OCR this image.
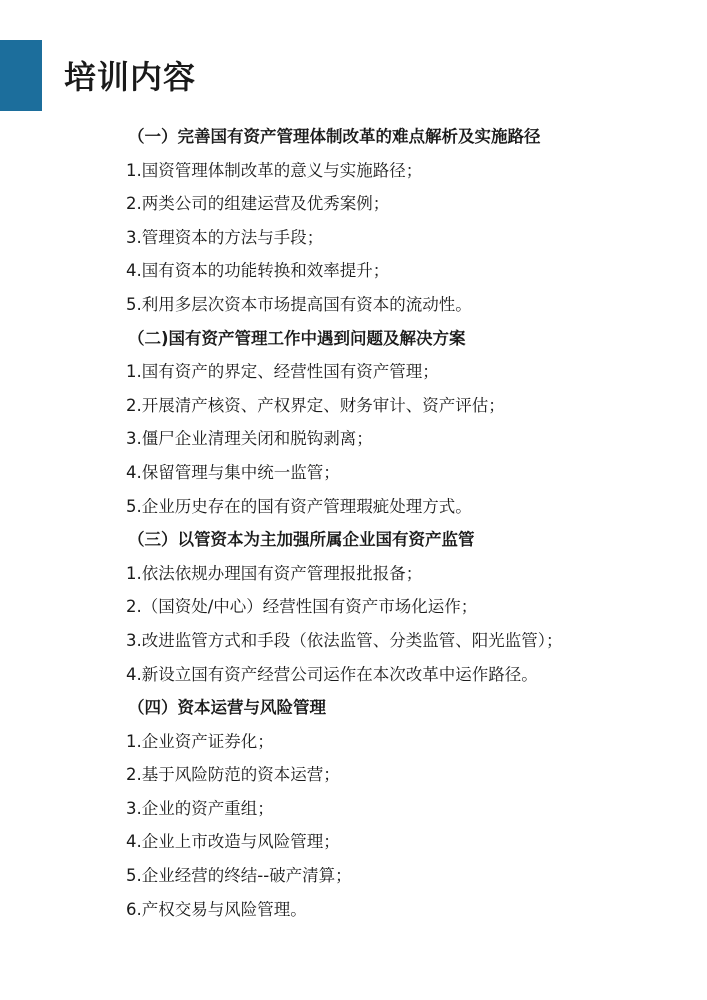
培训内容
（一）完善国有资产管理体制改革的难点解析及实施路径
1.国资管理体制改革的意义与实施路径；
2.两类公司的组建运营及优秀案例；
3.管理资本的方法与手段；
4.国有资本的功能转换和效率提升；
5.利用多层次资本市场提高国有资本的流动性。
（二)国有资产管理工作中遇到问题及解决方案
1.国有资产的界定、经营性国有资产管理；
2.开展清产核资、产权界定、财务审计、资产评估；
3.僵尸企业清理关闭和脱钩剥离；
4.保留管理与集中统一监管；
5.企业历史存在的国有资产管理瑕疵处理方式。
（三）以管资本为主加强所属企业国有资产监管
1.依法依规办理国有资产管理报批报备；
2.（国资处/中心）经营性国有资产市场化运作；
3.改进监管方式和手段（依法监管、分类监管、阳光监管）；
4.新设立国有资产经营公司运作在本次改革中运作路径。
（四）资本运营与风险管理
1.企业资产证券化；
2.基于风险防范的资本运营；
3.企业的资产重组；
4.企业上市改造与风险管理；
5.企业经营的终结--破产清算；
6.产权交易与风险管理。
